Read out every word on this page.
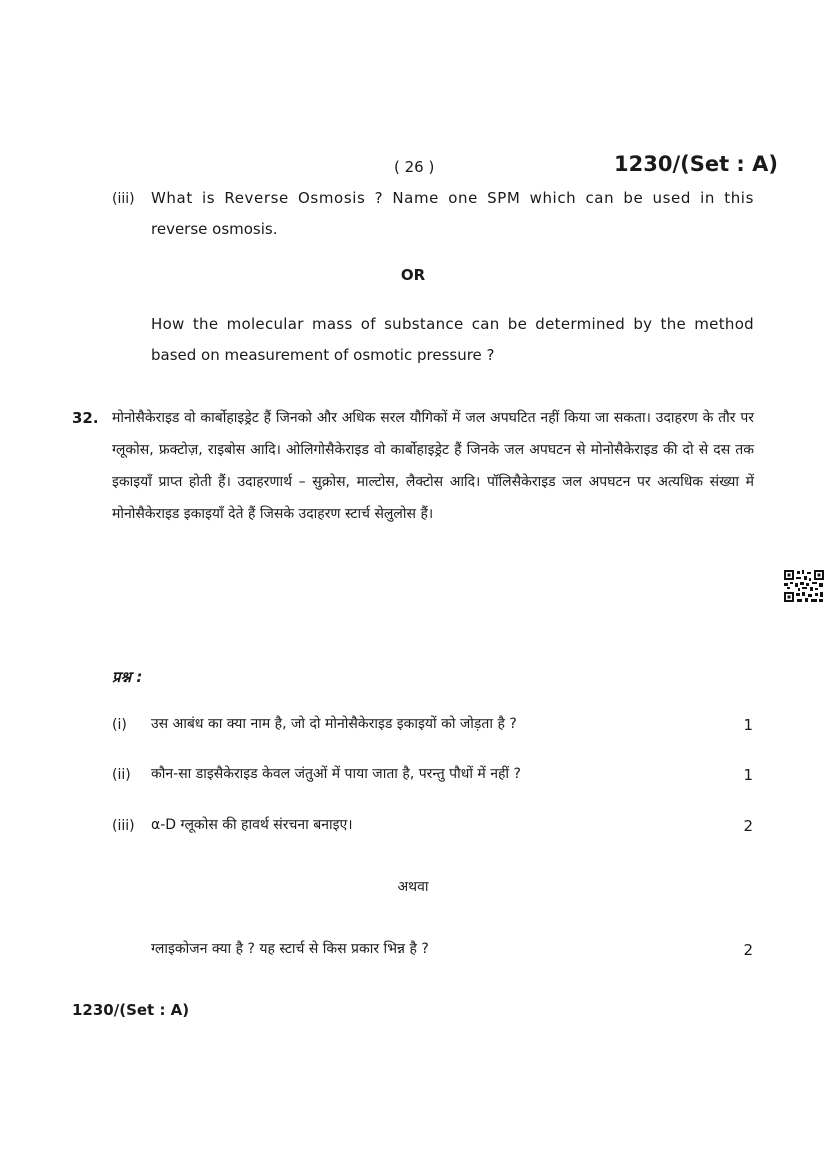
( 26 )	1230/(Set : A)
(iii) What is Reverse Osmosis ? Name one SPM which can be used in this
reverse osmosis.
OR
How the molecular mass of substance can be determined by the method
based on measurement of osmotic pressure ?
32. मोनोसैकेराइड वो कार्बोहाइड्रेट हैं जिनको और अधिक सरल यौगिकों में जल अपघटित नहीं किया जा सकता। उदाहरण के तौर पर ग्लूकोस, फ्रक्टोज़, राइबोस आदि। ओलिगोसैकेराइड वो कार्बोहाइड्रेट हैं जिनके जल अपघटन से मोनोसैकेराइड की दो से दस तक इकाइयाँ प्राप्त होती हैं। उदाहरणार्थ – सुक्रोस, माल्टोस, लैक्टोस आदि। पॉलिसैकेराइड जल अपघटन पर अत्यधिक संख्या में मोनोसैकेराइड इकाइयाँ देते हैं जिसके उदाहरण स्टार्च सेलुलोस हैं।
प्रश्न :
(i) उस आबंध का क्या नाम है, जो दो मोनोसैकेराइड इकाइयों को जोड़ता है ?	1
(ii) कौन-सा डाइसैकेराइड केवल जंतुओं में पाया जाता है, परन्तु पौधों में नहीं ?	1
(iii) α-D ग्लूकोस की हावर्थ संरचना बनाइए।	2
अथवा
ग्लाइकोजन क्या है ? यह स्टार्च से किस प्रकार भिन्न है ?	2
1230/(Set : A)
